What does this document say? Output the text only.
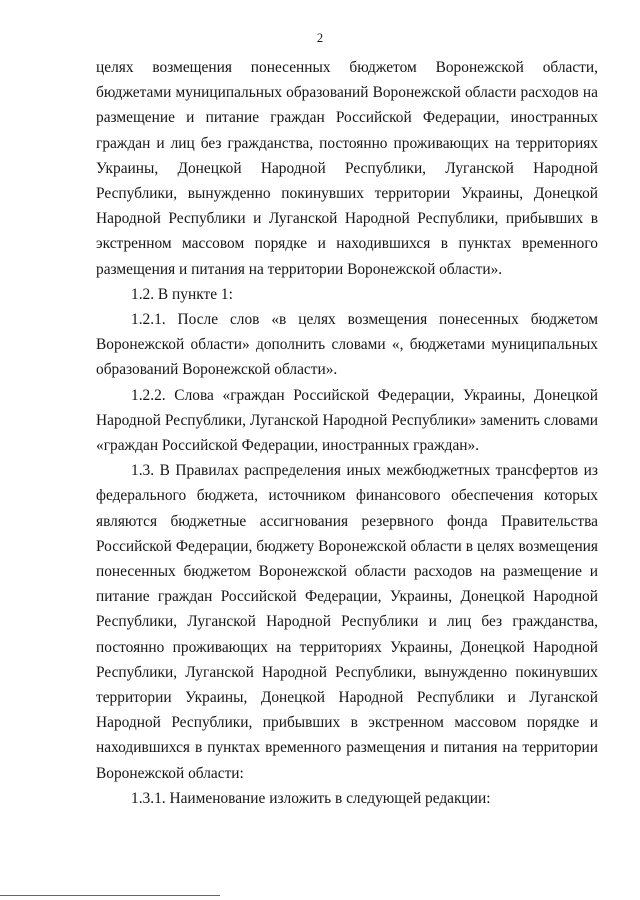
2

целях возмещения понесенных бюджетом Воронежской области, бюджетами муниципальных образований Воронежской области расходов на размещение и питание граждан Российской Федерации, иностранных граждан и лиц без гражданства, постоянно проживающих на территориях Украины, Донецкой Народной Республики, Луганской Народной Республики, вынужденно покинувших территории Украины, Донецкой Народной Республики и Луганской Народной Республики, прибывших в экстренном массовом порядке и находившихся в пунктах временного размещения и питания на территории Воронежской области».

1.2. В пункте 1:

1.2.1. После слов «в целях возмещения понесенных бюджетом Воронежской области» дополнить словами «, бюджетами муниципальных образований Воронежской области».

1.2.2. Слова «граждан Российской Федерации, Украины, Донецкой Народной Республики, Луганской Народной Республики» заменить словами «граждан Российской Федерации, иностранных граждан».

1.3. В Правилах распределения иных межбюджетных трансфертов из федерального бюджета, источником финансового обеспечения которых являются бюджетные ассигнования резервного фонда Правительства Российской Федерации, бюджету Воронежской области в целях возмещения понесенных бюджетом Воронежской области расходов на размещение и питание граждан Российской Федерации, Украины, Донецкой Народной Республики, Луганской Народной Республики и лиц без гражданства, постоянно проживающих на территориях Украины, Донецкой Народной Республики, Луганской Народной Республики, вынужденно покинувших территории Украины, Донецкой Народной Республики и Луганской Народной Республики, прибывших в экстренном массовом порядке и находившихся в пунктах временного размещения и питания на территории Воронежской области:

1.3.1. Наименование изложить в следующей редакции:
